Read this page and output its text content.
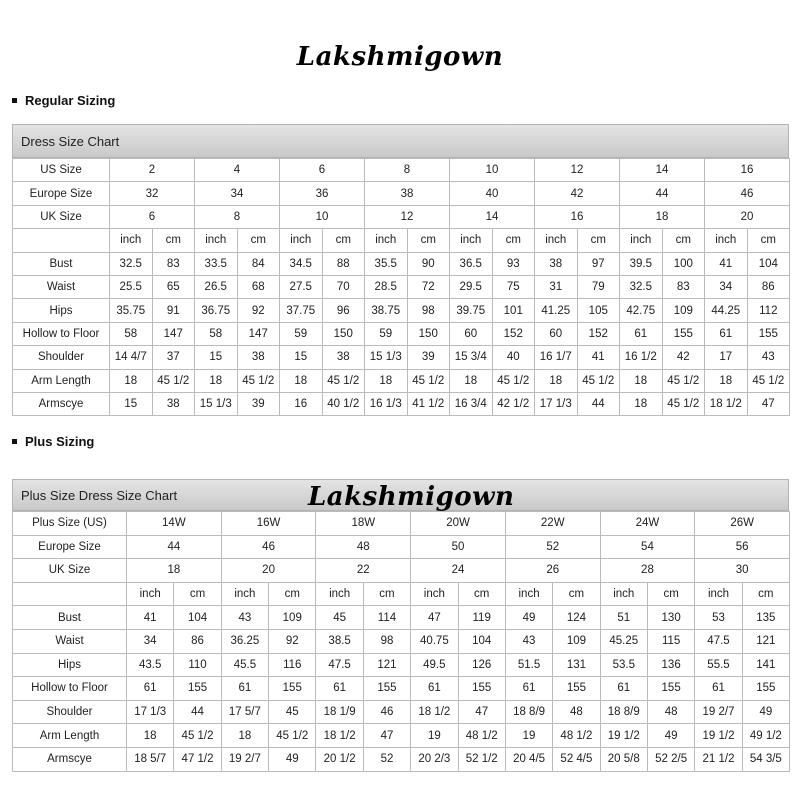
Lakshmigown
Regular Sizing
Dress Size Chart
US Size	2		4		6		8		10		12		14		16	
Europe Size	32		34		36		38		40		42		44		46	
UK Size	6		8		10		12		14		16		18		20	
	inch	cm	inch	cm	inch	cm	inch	cm	inch	cm	inch	cm	inch	cm	inch	cm
Bust	32.5	83	33.5	84	34.5	88	35.5	90	36.5	93	38	97	39.5	100	41	104
Waist	25.5	65	26.5	68	27.5	70	28.5	72	29.5	75	31	79	32.5	83	34	86
Hips	35.75	91	36.75	92	37.75	96	38.75	98	39.75	101	41.25	105	42.75	109	44.25	112
Hollow to Floor	58	147	58	147	59	150	59	150	60	152	60	152	61	155	61	155
Shoulder	14 4/7	37	15	38	15	38	15 1/3	39	15 3/4	40	16 1/7	41	16 1/2	42	17	43
Arm Length	18	45 1/2	18	45 1/2	18	45 1/2	18	45 1/2	18	45 1/2	18	45 1/2	18	45 1/2	18	45 1/2
Armscye	15	38	15 1/3	39	16	40 1/2	16 1/3	41 1/2	16 3/4	42 1/2	17 1/3	44	18	45 1/2	18 1/2	47
Plus Sizing
Plus Size Dress Size Chart
Plus Size (US)	14W		16W		18W		20W		22W		24W		26W	
Europe Size	44		46		48		50		52		54		56	
UK Size	18		20		22		24		26		28		30	
	inch	cm	inch	cm	inch	cm	inch	cm	inch	cm	inch	cm	inch	cm
Bust	41	104	43	109	45	114	47	119	49	124	51	130	53	135
Waist	34	86	36.25	92	38.5	98	40.75	104	43	109	45.25	115	47.5	121
Hips	43.5	110	45.5	116	47.5	121	49.5	126	51.5	131	53.5	136	55.5	141
Hollow to Floor	61	155	61	155	61	155	61	155	61	155	61	155	61	155
Shoulder	17 1/3	44	17 5/7	45	18 1/9	46	18 1/2	47	18 8/9	48	18 8/9	48	19 2/7	49
Arm Length	18	45 1/2	18	45 1/2	18 1/2	47	19	48 1/2	19	48 1/2	19 1/2	49	19 1/2	49 1/2
Armscye	18 5/7	47 1/2	19 2/7	49	20 1/2	52	20 2/3	52 1/2	20 4/5	52 4/5	20 5/8	52 2/5	21 1/2	54 3/5
Lakshmigown
